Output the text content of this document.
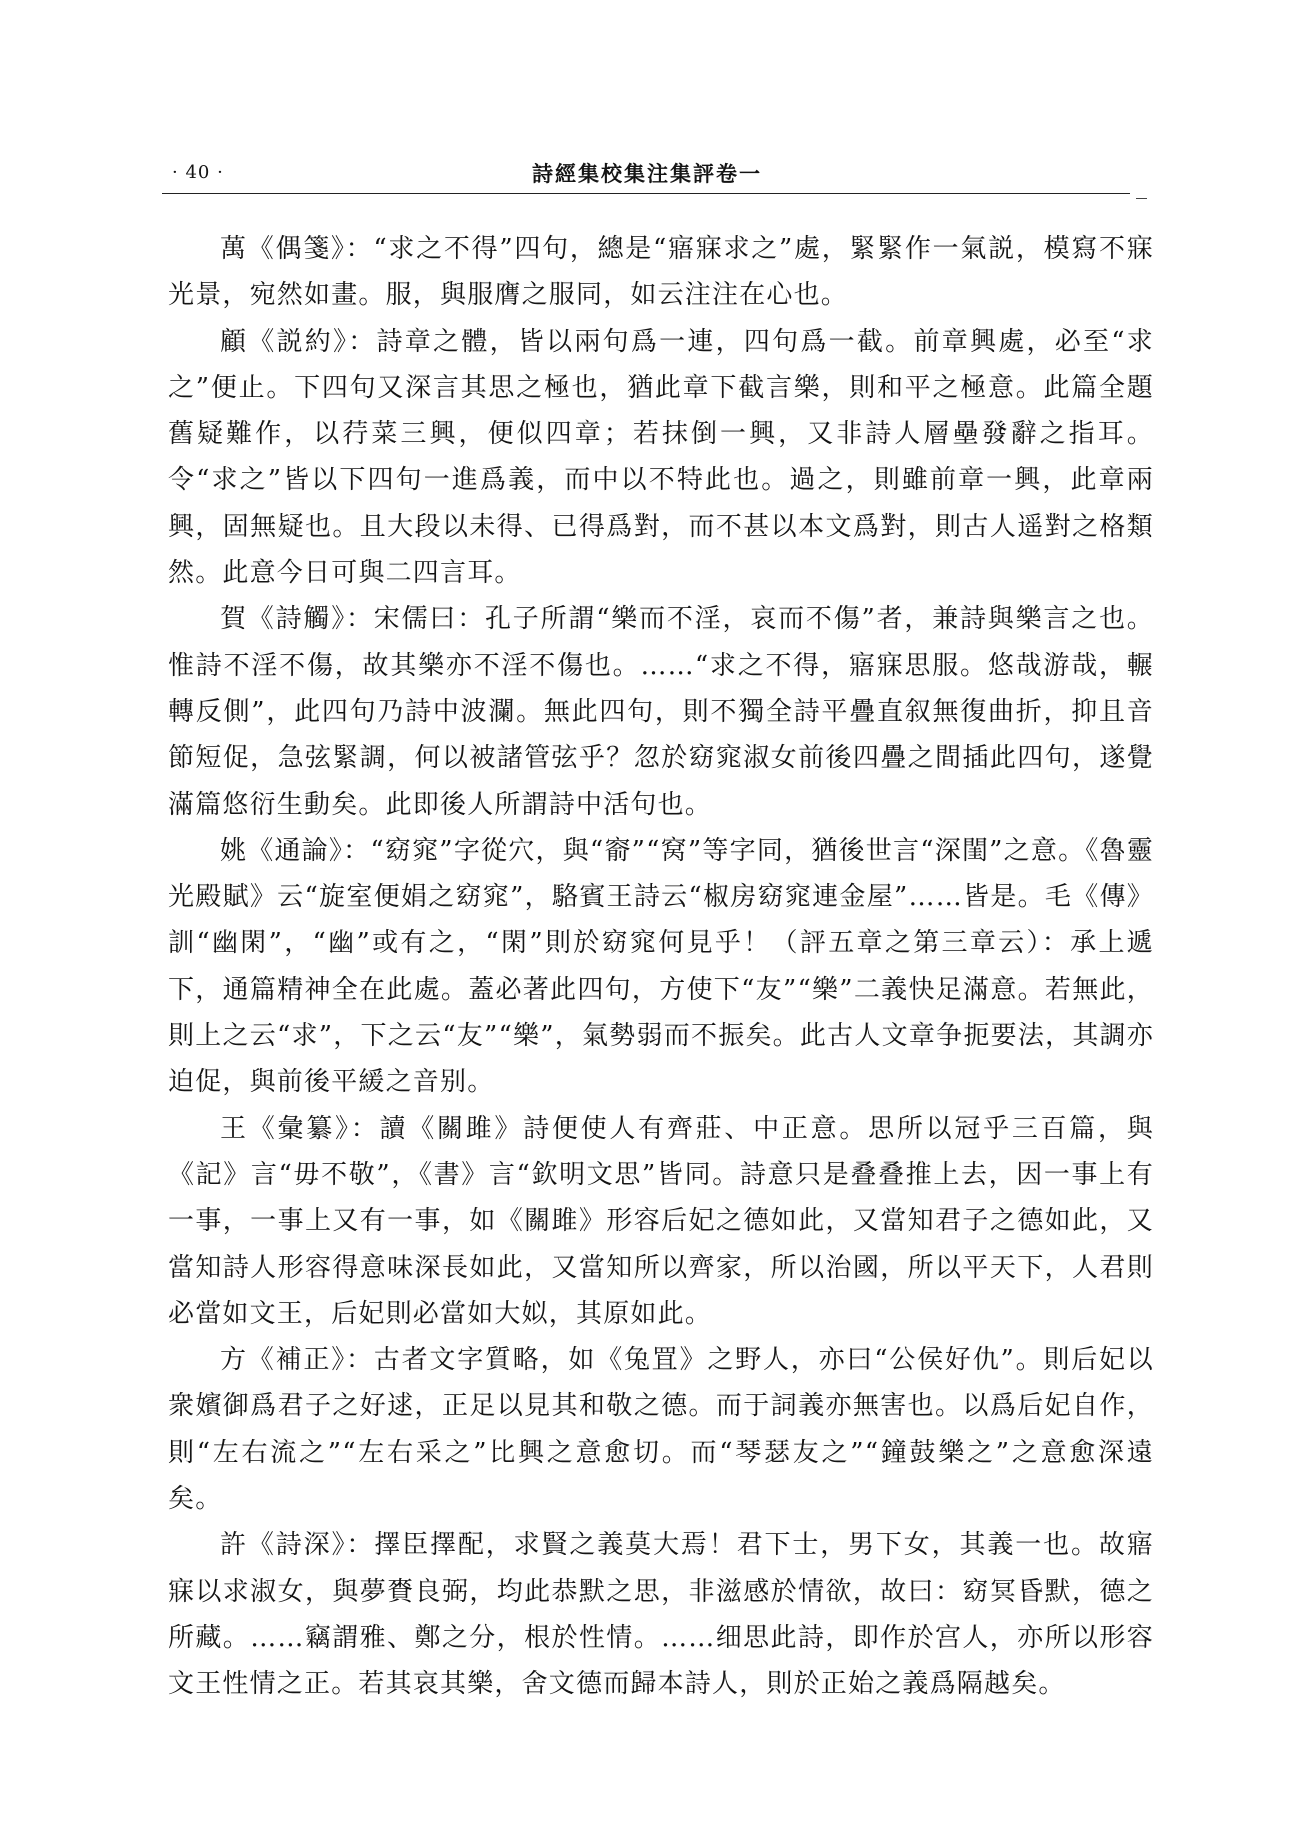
· 40 ·	詩經集校集注集評卷一

萬《偶箋》：“求之不得”四句，總是“寤寐求之”處，緊緊作一氣説，模寫不寐光景，宛然如畫。服，與服膺之服同，如云注注在心也。

顧《説約》：詩章之體，皆以兩句爲一連，四句爲一截。前章興處，必至“求之”便止。下四句又深言其思之極也，猶此章下截言樂，則和平之極意。此篇全題舊疑難作，以荇菜三興，便似四章；若抹倒一興，又非詩人層壘發辭之指耳。令“求之”皆以下四句一進爲義，而中以不特此也。過之，則雖前章一興，此章兩興，固無疑也。且大段以未得、已得爲對，而不甚以本文爲對，則古人遥對之格類然。此意今日可與二四言耳。

賀《詩觸》：宋儒曰：孔子所謂“樂而不淫，哀而不傷”者，兼詩與樂言之也。惟詩不淫不傷，故其樂亦不淫不傷也。……“求之不得，寤寐思服。悠哉游哉，輾轉反側”，此四句乃詩中波瀾。無此四句，則不獨全詩平疊直叙無復曲折，抑且音節短促，急弦緊調，何以被諸管弦乎？忽於窈窕淑女前後四疊之間插此四句，遂覺滿篇悠衍生動矣。此即後人所謂詩中活句也。

姚《通論》：“窈窕”字從穴，與“窬”“窝”等字同，猶後世言“深閨”之意。《魯靈光殿賦》云“旋室便娟之窈窕”，駱賓王詩云“椒房窈窕連金屋”……皆是。毛《傳》訓“幽閑”，“幽”或有之，“閑”則於窈窕何見乎！（評五章之第三章云）：承上遞下，通篇精神全在此處。蓋必著此四句，方使下“友”“樂”二義快足滿意。若無此，則上之云“求”，下之云“友”“樂”，氣勢弱而不振矣。此古人文章争扼要法，其調亦迫促，與前後平緩之音别。

王《彙纂》：讀《關雎》詩便使人有齊莊、中正意。思所以冠乎三百篇，與《記》言“毋不敬”，《書》言“欽明文思”皆同。詩意只是叠叠推上去，因一事上有一事，一事上又有一事，如《關雎》形容后妃之德如此，又當知君子之德如此，又當知詩人形容得意味深長如此，又當知所以齊家，所以治國，所以平天下，人君則必當如文王，后妃則必當如大姒，其原如此。

方《補正》：古者文字質略，如《兔罝》之野人，亦曰“公侯好仇”。則后妃以衆嬪御爲君子之好逑，正足以見其和敬之德。而于詞義亦無害也。以爲后妃自作，則“左右流之”“左右采之”比興之意愈切。而“琴瑟友之”“鐘鼓樂之”之意愈深遠矣。

許《詩深》：擇臣擇配，求賢之義莫大焉！君下士，男下女，其義一也。故寤寐以求淑女，與夢賚良弼，均此恭默之思，非滋感於情欲，故曰：窈冥昏默，德之所藏。……竊謂雅、鄭之分，根於性情。……细思此詩，即作於宫人，亦所以形容文王性情之正。若其哀其樂，舍文德而歸本詩人，則於正始之義爲隔越矣。
